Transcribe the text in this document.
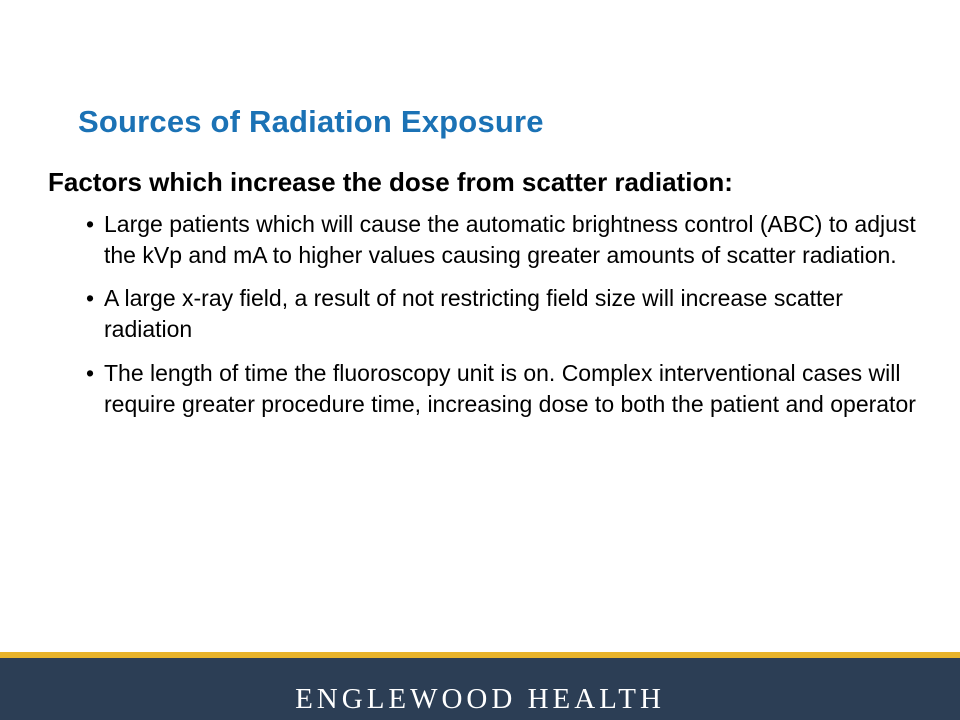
Sources of Radiation Exposure

Factors which increase the dose from scatter radiation:

• Large patients which will cause the automatic brightness control (ABC) to adjust the kVp and mA to higher values causing greater amounts of scatter radiation.
• A large x-ray field, a result of not restricting field size will increase scatter radiation
• The length of time the fluoroscopy unit is on. Complex interventional cases will require greater procedure time, increasing dose to both the patient and operator
ENGLEWOOD HEALTH
